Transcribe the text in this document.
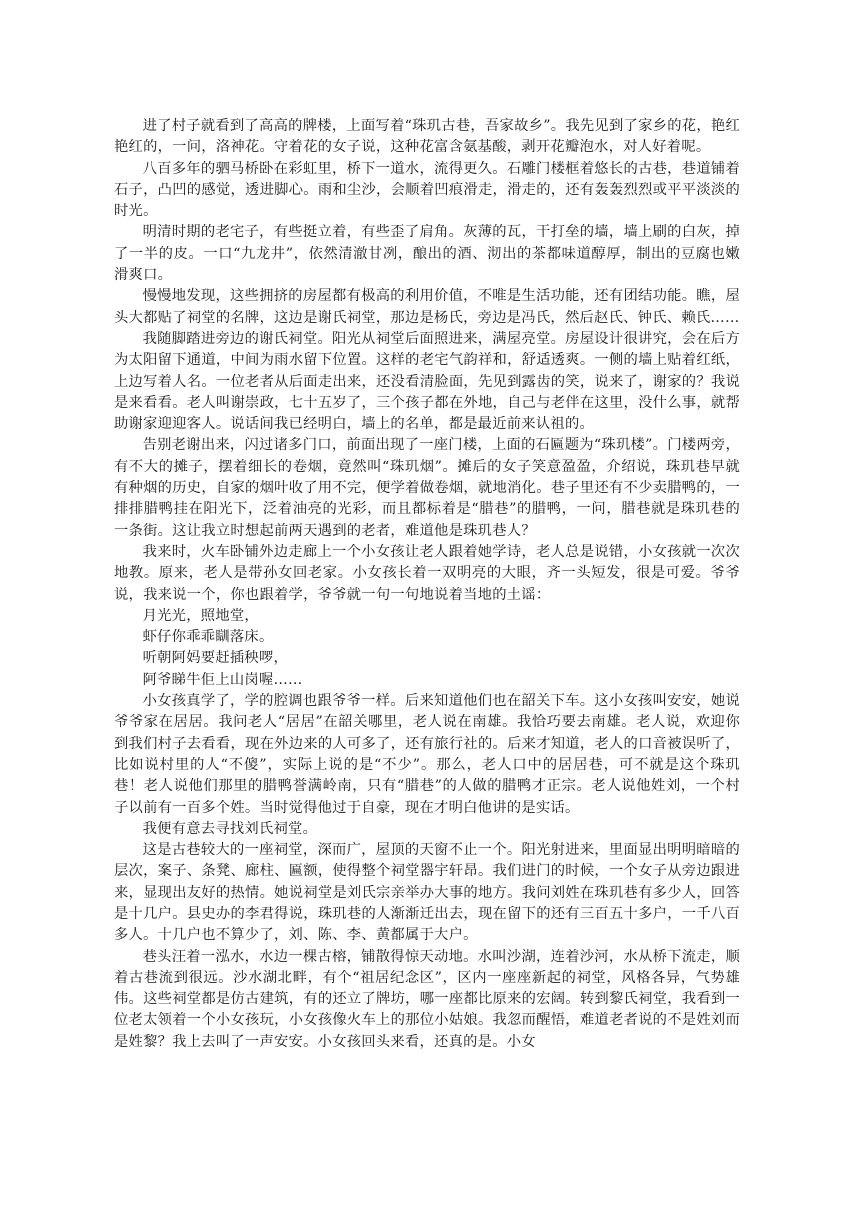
进了村子就看到了高高的牌楼，上面写着“珠玑古巷，吾家故乡”。我先见到了家乡的花，艳红艳红的，一问，洛神花。守着花的女子说，这种花富含氨基酸，剥开花瓣泡水，对人好着呢。

八百多年的驷马桥卧在彩虹里，桥下一道水，流得更久。石雕门楼框着悠长的古巷，巷道铺着石子，凸凹的感觉，透进脚心。雨和尘沙，会顺着凹痕滑走，滑走的，还有轰轰烈烈或平平淡淡的时光。

明清时期的老宅子，有些挺立着，有些歪了肩角。灰薄的瓦，干打垒的墙，墙上刷的白灰，掉了一半的皮。一口“九龙井”，依然清澈甘冽，酿出的酒、沏出的茶都味道醇厚，制出的豆腐也嫩滑爽口。

慢慢地发现，这些拥挤的房屋都有极高的利用价值，不唯是生活功能，还有团结功能。瞧，屋头大都贴了祠堂的名牌，这边是谢氏祠堂，那边是杨氏，旁边是冯氏，然后赵氏、钟氏、赖氏……

我随脚踏进旁边的谢氏祠堂。阳光从祠堂后面照进来，满屋亮堂。房屋设计很讲究，会在后方为太阳留下通道，中间为雨水留下位置。这样的老宅气韵祥和，舒适透爽。一侧的墙上贴着红纸，上边写着人名。一位老者从后面走出来，还没看清脸面，先见到露齿的笑，说来了，谢家的？我说是来看看。老人叫谢崇政，七十五岁了，三个孩子都在外地，自己与老伴在这里，没什么事，就帮助谢家迎迎客人。说话间我已经明白，墙上的名单，都是最近前来认祖的。

告别老谢出来，闪过诸多门口，前面出现了一座门楼，上面的石匾题为“珠玑楼”。门楼两旁，有不大的摊子，摆着细长的卷烟，竟然叫“珠玑烟”。摊后的女子笑意盈盈，介绍说，珠玑巷早就有种烟的历史，自家的烟叶收了用不完，便学着做卷烟，就地消化。巷子里还有不少卖腊鸭的，一排排腊鸭挂在阳光下，泛着油亮的光彩，而且都标着是“腊巷”的腊鸭，一问，腊巷就是珠玑巷的一条街。这让我立时想起前两天遇到的老者，难道他是珠玑巷人？

我来时，火车卧铺外边走廊上一个小女孩让老人跟着她学诗，老人总是说错，小女孩就一次次地教。原来，老人是带孙女回老家。小女孩长着一双明亮的大眼，齐一头短发，很是可爱。爷爷说，我来说一个，你也跟着学，爷爷就一句一句地说着当地的土谣：

月光光，照地堂，

虾仔你乖乖瞓落床。

听朝阿妈要赶插秧啰，

阿爷睇牛佢上山岗喔……

小女孩真学了，学的腔调也跟爷爷一样。后来知道他们也在韶关下车。这小女孩叫安安，她说爷爷家在居居。我问老人“居居”在韶关哪里，老人说在南雄。我恰巧要去南雄。老人说，欢迎你到我们村子去看看，现在外边来的人可多了，还有旅行社的。后来才知道，老人的口音被误听了，比如说村里的人“不傻”，实际上说的是“不少”。那么，老人口中的居居巷，可不就是这个珠玑巷！老人说他们那里的腊鸭誉满岭南，只有“腊巷”的人做的腊鸭才正宗。老人说他姓刘，一个村子以前有一百多个姓。当时觉得他过于自豪，现在才明白他讲的是实话。

我便有意去寻找刘氏祠堂。

这是古巷较大的一座祠堂，深而广，屋顶的天窗不止一个。阳光射进来，里面显出明明暗暗的层次，案子、条凳、廊柱、匾额，使得整个祠堂器宇轩昂。我们进门的时候，一个女子从旁边跟进来，显现出友好的热情。她说祠堂是刘氏宗亲举办大事的地方。我问刘姓在珠玑巷有多少人，回答是十几户。县史办的李君得说，珠玑巷的人渐渐迁出去，现在留下的还有三百五十多户，一千八百多人。十几户也不算少了，刘、陈、李、黄都属于大户。

巷头汪着一泓水，水边一棵古榕，铺散得惊天动地。水叫沙湖，连着沙河，水从桥下流走，顺着古巷流到很远。沙水湖北畔，有个“祖居纪念区”，区内一座座新起的祠堂，风格各异，气势雄伟。这些祠堂都是仿古建筑，有的还立了牌坊，哪一座都比原来的宏阔。转到黎氏祠堂，我看到一位老太领着一个小女孩玩，小女孩像火车上的那位小姑娘。我忽而醒悟，难道老者说的不是姓刘而是姓黎？我上去叫了一声安安。小女孩回头来看，还真的是。小女
